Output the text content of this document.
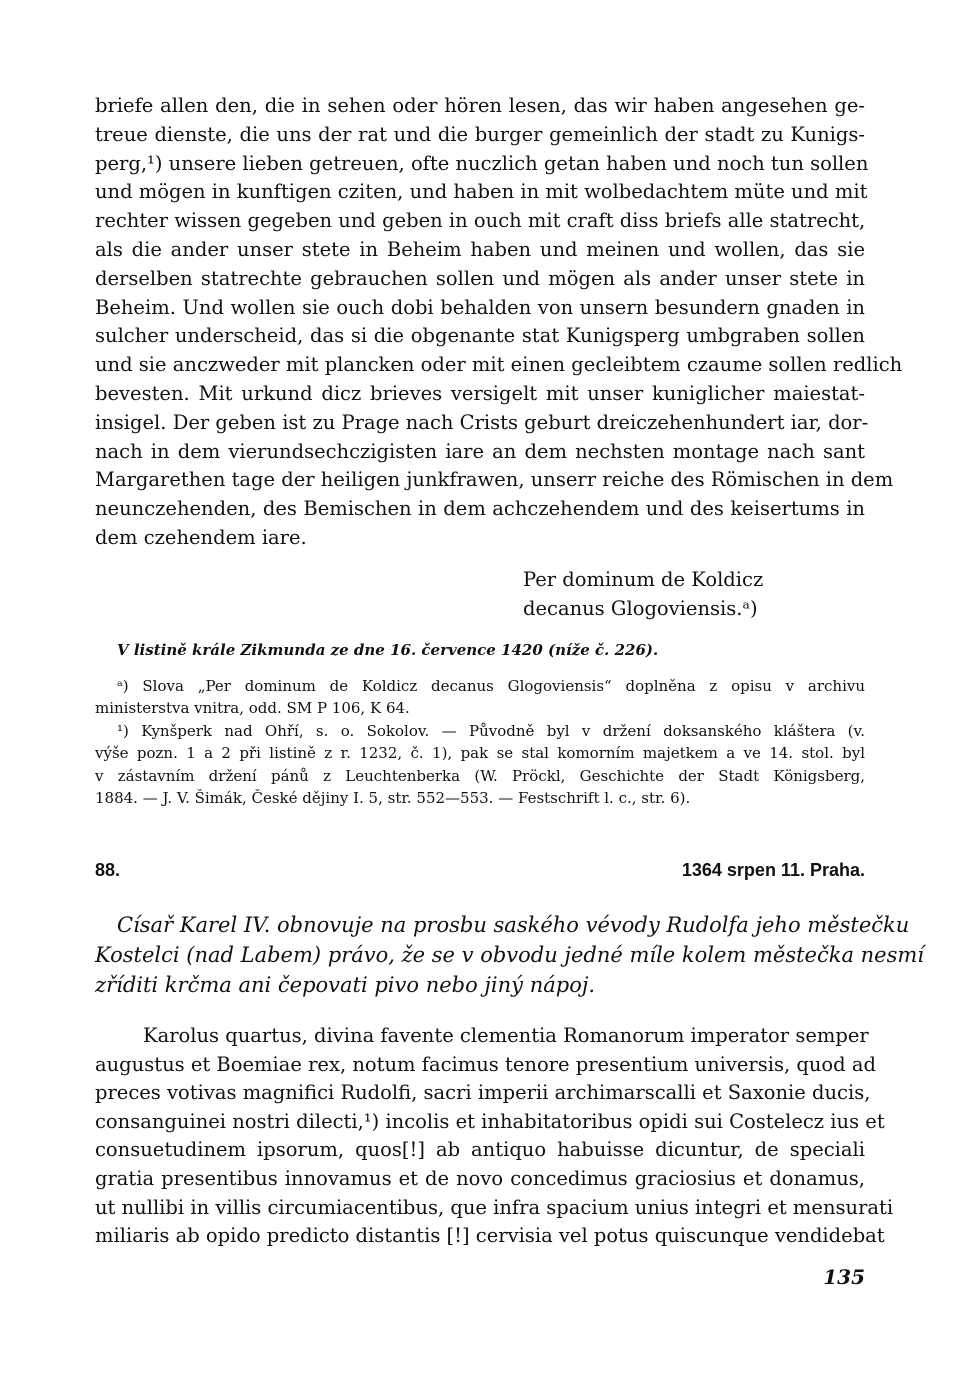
briefe allen den, die in sehen oder hören lesen, das wir haben angesehen ge-
treue dienste, die uns der rat und die burger gemeinlich der stadt zu Kunigs-
perg,¹) unsere lieben getreuen, ofte nuczlich getan haben und noch tun sollen
und mögen in kunftigen cziten, und haben in mit wolbedachtem müte und mit
rechter wissen gegeben und geben in ouch mit craft diss briefs alle statrecht,
als die ander unser stete in Beheim haben und meinen und wollen, das sie
derselben statrechte gebrauchen sollen und mögen als ander unser stete in
Beheim. Und wollen sie ouch dobi behalden von unsern besundern gnaden in
sulcher underscheid, das si die obgenante stat Kunigsperg umbgraben sollen
und sie anczweder mit plancken oder mit einen gecleibtem czaume sollen redlich
bevesten. Mit urkund dicz brieves versigelt mit unser kuniglicher maiestat-
insigel. Der geben ist zu Prage nach Crists geburt dreiczehenhundert iar, dor-
nach in dem vierundsechczigisten iare an dem nechsten montage nach sant
Margarethen tage der heiligen junkfrawen, unserr reiche des Römischen in dem
neunczehenden, des Bemischen in dem achczehendem und des keisertums in
dem czehendem iare.
Per dominum de Koldicz
decanus Glogoviensis.ᵃ)
V listině krále Zikmunda ze dne 16. července 1420 (níže č. 226).
ᵃ) Slova „Per dominum de Koldicz decanus Glogoviensis“ doplněna z opisu v archivu
ministerstva vnitra, odd. SM P 106, K 64.
¹) Kynšperk nad Ohří, s. o. Sokolov. — Původně byl v držení doksanského kláštera (v.
výše pozn. 1 a 2 při listině z r. 1232, č. 1), pak se stal komorním majetkem a ve 14. stol. byl
v zástavním držení pánů z Leuchtenberka (W. Pröckl, Geschichte der Stadt Königsberg,
1884. — J. V. Šimák, České dějiny I. 5, str. 552—553. — Festschrift l. c., str. 6).
88.	1364 srpen 11. Praha.
Císař Karel IV. obnovuje na prosbu saského vévody Rudolfa jeho městečku
Kostelci (nad Labem) právo, že se v obvodu jedné míle kolem městečka nesmí
zříditi krčma ani čepovati pivo nebo jiný nápoj.
Karolus quartus, divina favente clementia Romanorum imperator semper
augustus et Boemiae rex, notum facimus tenore presentium universis, quod ad
preces votivas magnifici Rudolfi, sacri imperii archimarscalli et Saxonie ducis,
consanguinei nostri dilecti,¹) incolis et inhabitatoribus opidi sui Costelecz ius et
consuetudinem ipsorum, quos[!] ab antiquo habuisse dicuntur, de speciali
gratia presentibus innovamus et de novo concedimus graciosius et donamus,
ut nullibi in villis circumiacentibus, que infra spacium unius integri et mensurati
miliaris ab opido predicto distantis [!] cervisia vel potus quiscunque vendidebat
135
